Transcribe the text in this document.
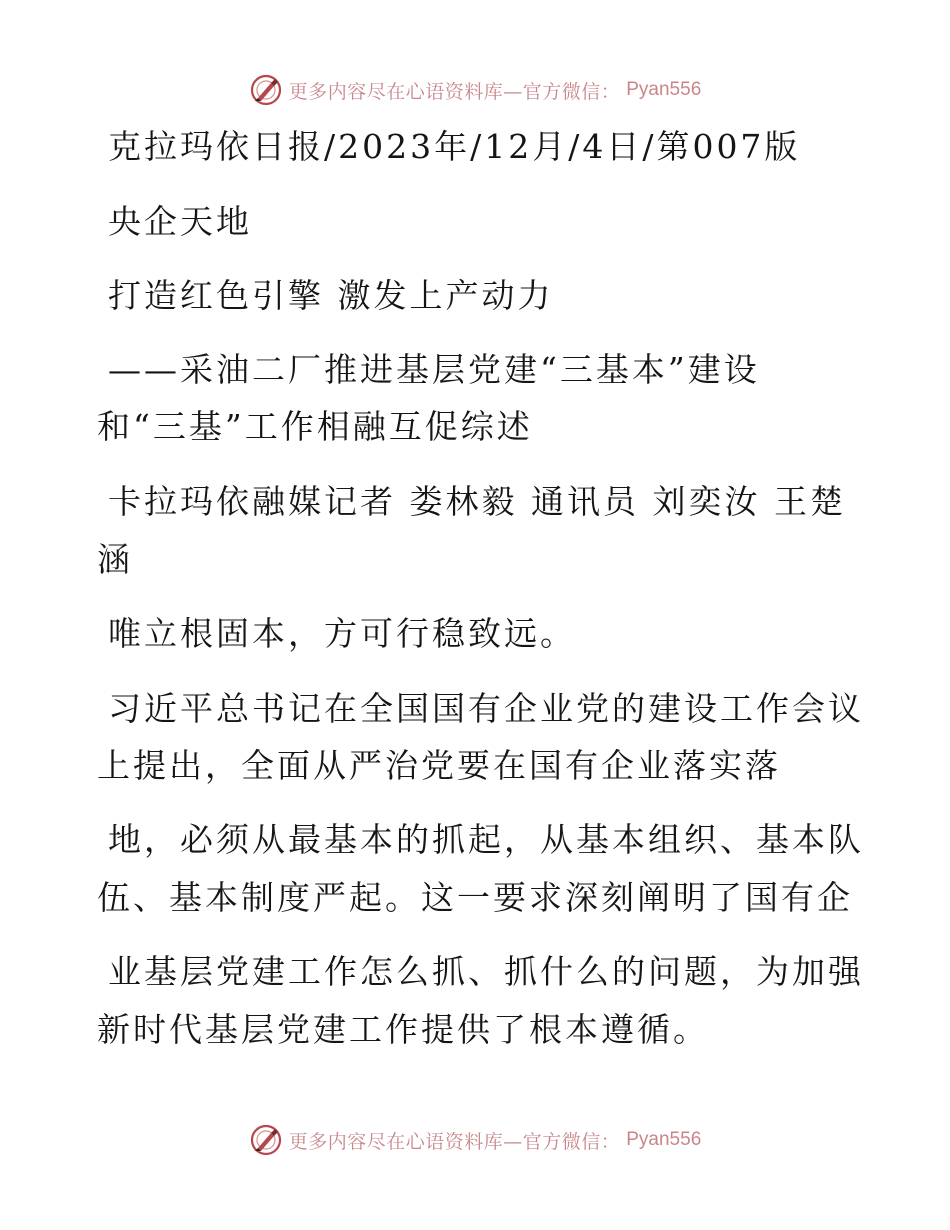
更多内容尽在心语资料库—官方微信： Pyan556
克拉玛依日报/2023年/12月/4日/第007版
央企天地
打造红色引擎 激发上产动力
——采油二厂推进基层党建“三基本”建设
和“三基”工作相融互促综述
卡拉玛依融媒记者 娄林毅 通讯员 刘奕汝 王楚
涵
唯立根固本，方可行稳致远。
习近平总书记在全国国有企业党的建设工作会议
上提出，全面从严治党要在国有企业落实落
地，必须从最基本的抓起，从基本组织、基本队
伍、基本制度严起。这一要求深刻阐明了国有企
业基层党建工作怎么抓、抓什么的问题，为加强
新时代基层党建工作提供了根本遵循。
更多内容尽在心语资料库—官方微信： Pyan556
